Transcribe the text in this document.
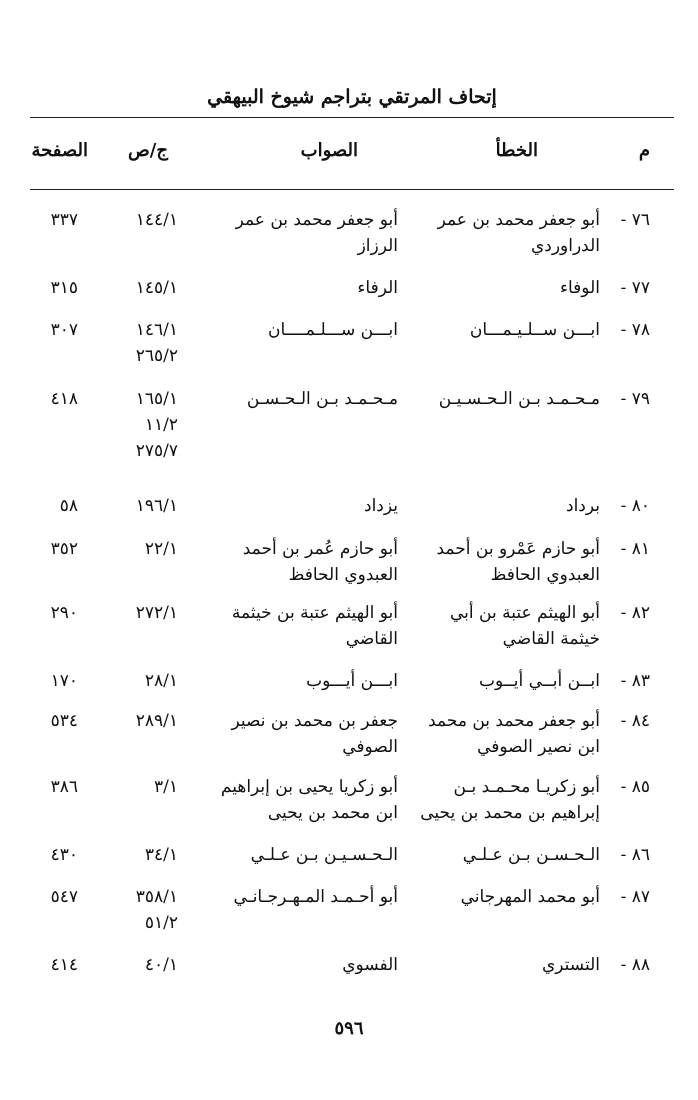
إتحاف المرتقي بتراجم شيوخ البيهقي
م
الخطأ
الصواب
ج/ص
الصفحة
٧٦ -
أبو جعفر محمد بن عمر
الدراوردي
أبو جعفر محمد بن عمر
الرزاز
١٤٤/١
٣٣٧
٧٧ -
الوفاء
الرفاء
١٤٥/١
٣١٥
٧٨ -
ابـــن ســلـيـمـــان
ابـــن ســـلـمــــان
١٤٦/١
٢٦٥/٢
٣٠٧
٧٩ -
مـحـمـد بـن الـحـسـيـن
مـحـمـد بـن الـحـسـن
١٦٥/١
١١/٢
٢٧٥/٧
٤١٨
٨٠ -
برداد
يزداد
١٩٦/١
٥٨
٨١ -
أبو حازم عَمْرو بن أحمد
العبدوي الحافظ
أبو حازم عُمر بن أحمد
العبدوي الحافظ
٢٢/١
٣٥٢
٨٢ -
أبو الهيثم عتبة بن أبي
خيثمة القاضي
أبو الهيثم عتبة بن خيثمة
القاضي
٢٧٢/١
٢٩٠
٨٣ -
ابــن أبــي أيــوب
ابـــن أيـــوب
٢٨/١
١٧٠
٨٤ -
أبو جعفر محمد بن محمد
ابن نصير الصوفي
جعفر بن محمد بن نصير
الصوفي
٢٨٩/١
٥٣٤
٨٥ -
أبو زكريـا محـمـد بـن
إبراهيم بن محمد بن يحيى
أبو زكريا يحيى بن إبراهيم
ابن محمد بن يحيى
٣/١
٣٨٦
٨٦ -
الـحـسـن بـن عـلـي
الـحـسـيـن بـن عـلـي
٣٤/١
٤٣٠
٨٧ -
أبو محمد المهرجاني
أبو أحـمـد المـهـرجـانـي
٣٥٨/١
٥١/٢
٥٤٧
٨٨ -
التستري
الفسوي
٤٠/١
٤١٤
٥٩٦
